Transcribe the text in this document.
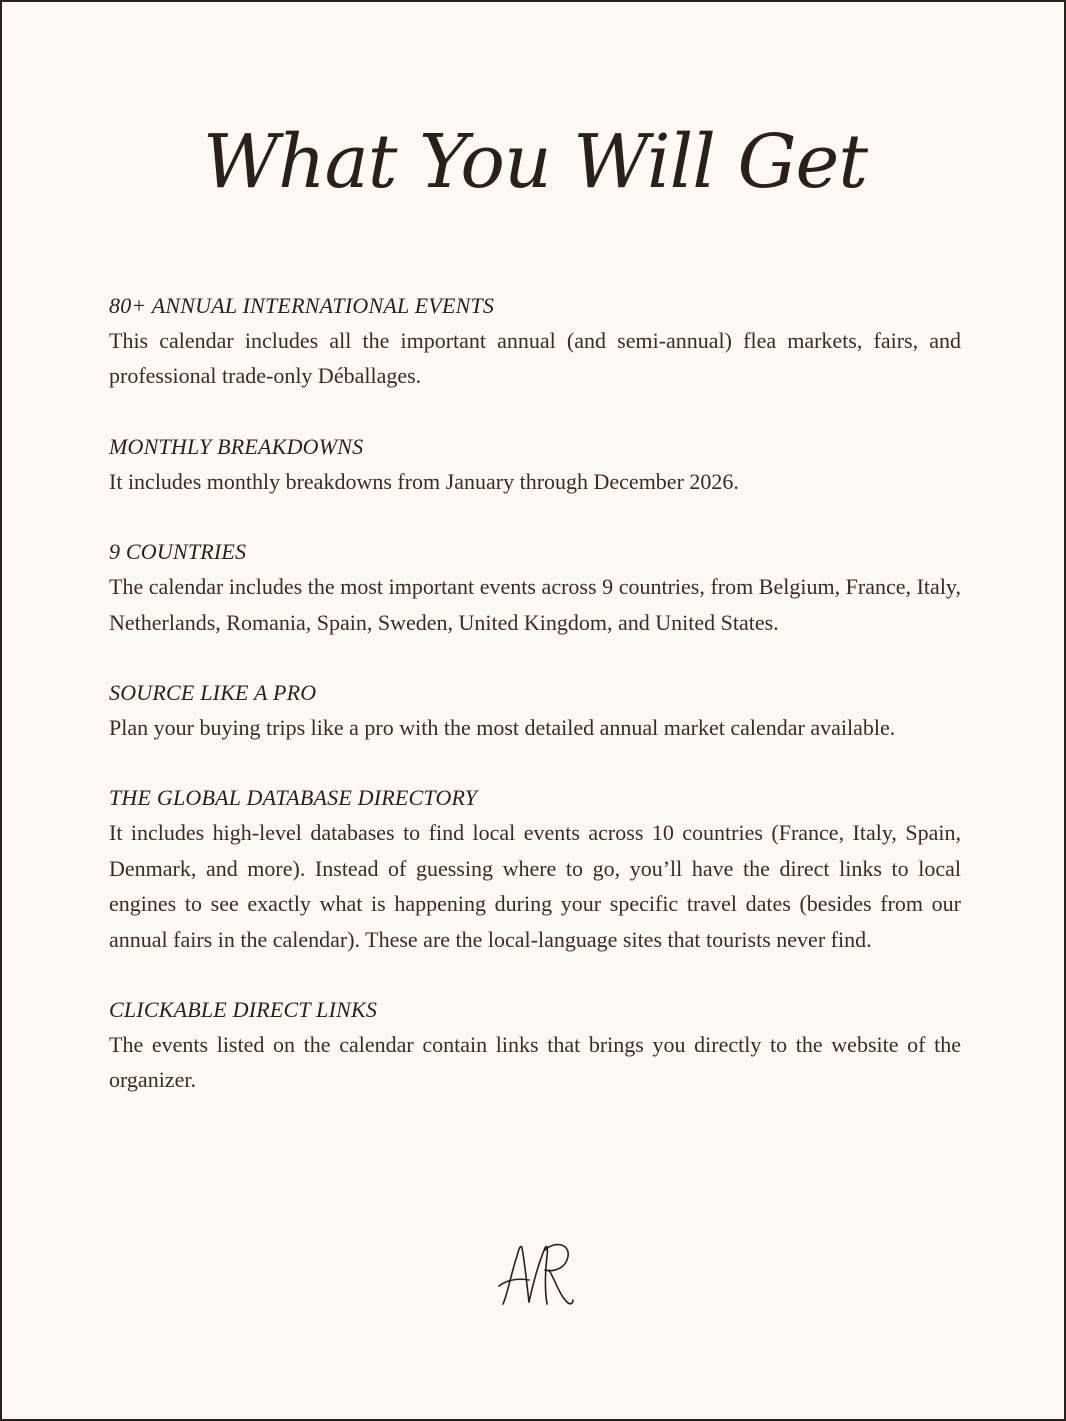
What You Will Get
80+ ANNUAL INTERNATIONAL EVENTS
This calendar includes all the important annual (and semi-annual) flea markets, fairs, and professional trade-only Déballages.
MONTHLY BREAKDOWNS
It includes monthly breakdowns from January through December 2026.
9 COUNTRIES
The calendar includes the most important events across 9 countries, from Belgium, France, Italy, Netherlands, Romania, Spain, Sweden, United Kingdom, and United States.
SOURCE LIKE A PRO
Plan your buying trips like a pro with the most detailed annual market calendar available.
THE GLOBAL DATABASE DIRECTORY
It includes high-level databases to find local events across 10 countries (France, Italy, Spain, Denmark, and more). Instead of guessing where to go, you’ll have the direct links to local engines to see exactly what is happening during your specific travel dates (besides from our annual fairs in the calendar). These are the local-language sites that tourists never find.
CLICKABLE DIRECT LINKS
The events listed on the calendar contain links that brings you directly to the website of the organizer.
